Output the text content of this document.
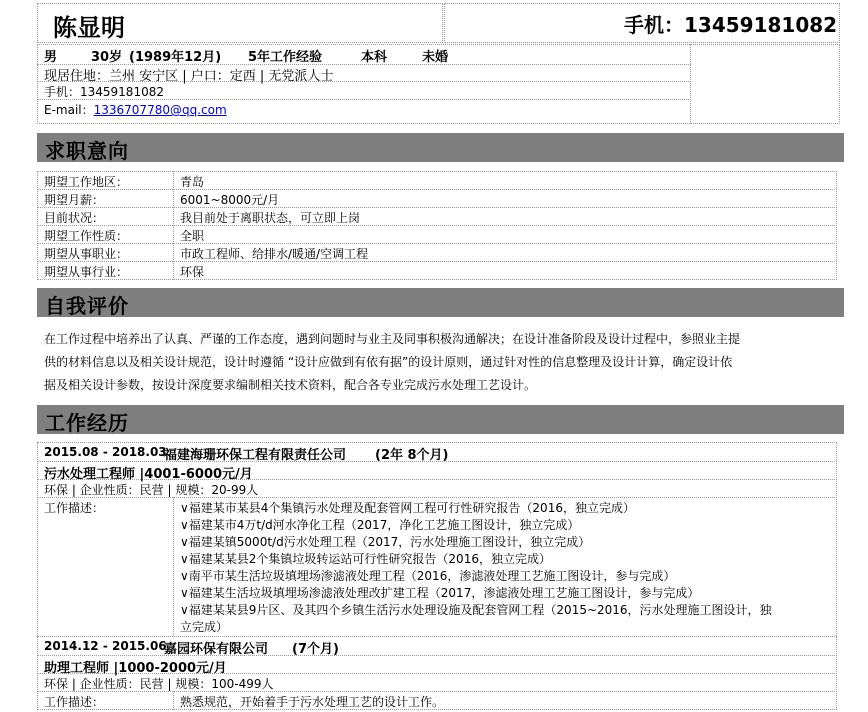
陈显明	手机：13459181082
男	30岁 (1989年12月) 5年工作经验	本科	未婚
现居住地：兰州 安宁区 | 户口：定西 | 无党派人士
手机：13459181082
E-mail：1336707780@qq.com
求职意向
期望工作地区：	青岛
期望月薪：	6001~8000元/月
目前状况：	我目前处于离职状态，可立即上岗
期望工作性质：	全职
期望从事职业：	市政工程师、给排水/暖通/空调工程
期望从事行业：	环保
自我评价
在工作过程中培养出了认真、严谨的工作态度，遇到问题时与业主及同事积极沟通解决；在设计准备阶段及设计过程中，参照业主提
供的材料信息以及相关设计规范，设计时遵循 “设计应做到有依有据”的设计原则，通过针对性的信息整理及设计计算，确定设计依
据及相关设计参数，按设计深度要求编制相关技术资料，配合各专业完成污水处理工艺设计。
工作经历
2015.08 - 2018.03
福建海珊环保工程有限责任公司 (2年 8个月)
污水处理工程师 |4001-6000元/月
环保 | 企业性质：民营 | 规模：20-99人
工作描述：	∨福建某市某县4个集镇污水处理及配套管网工程可行性研究报告（2016，独立完成）
∨福建某市4万t/d河水净化工程（2017，净化工艺施工图设计，独立完成）
∨福建某镇5000t/d污水处理工程（2017，污水处理施工图设计，独立完成）
∨福建某某县2个集镇垃圾转运站可行性研究报告（2016，独立完成）
∨南平市某生活垃圾填埋场渗滤液处理工程（2016，渗滤液处理工艺施工图设计，参与完成）
∨福建某生活垃圾填埋场渗滤液处理改扩建工程（2017，渗滤液处理工艺施工图设计，参与完成）
∨福建某某县9片区、及其四个乡镇生活污水处理设施及配套管网工程（2015~2016，污水处理施工图设计，独
立完成）
2014.12 - 2015.06
嘉园环保有限公司 (7个月)
助理工程师 |1000-2000元/月
环保 | 企业性质：民营 | 规模：100-499人
工作描述：	熟悉规范，开始着手于污水处理工艺的设计工作。
